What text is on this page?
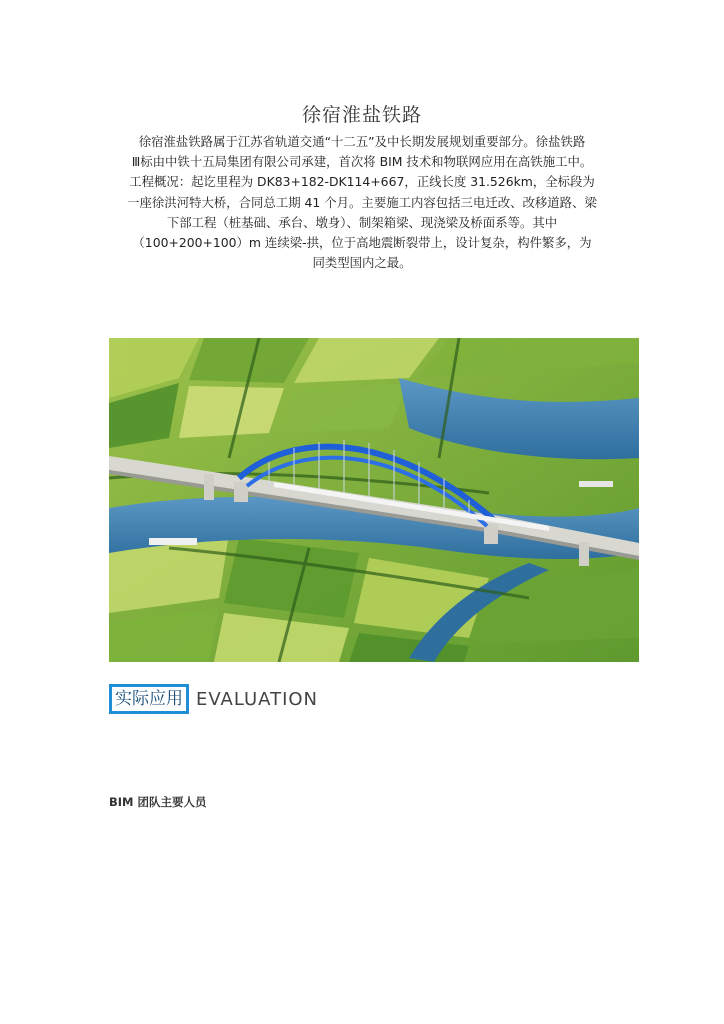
徐宿淮盐铁路
徐宿淮盐铁路属于江苏省轨道交通“十二五”及中长期发展规划重要部分。徐盐铁路
Ⅲ标由中铁十五局集团有限公司承建，首次将 BIM 技术和物联网应用在高铁施工中。
工程概况：起讫里程为 DK83+182-DK114+667，正线长度 31.526km，全标段为
一座徐洪河特大桥，合同总工期 41 个月。主要施工内容包括三电迁改、改移道路、梁
下部工程（桩基础、承台、墩身）、制架箱梁、现浇梁及桥面系等。其中
（100+200+100）m 连续梁-拱，位于高地震断裂带上，设计复杂，构件繁多，为
同类型国内之最。
实际应用 EVALUATION
BIM 团队主要人员
